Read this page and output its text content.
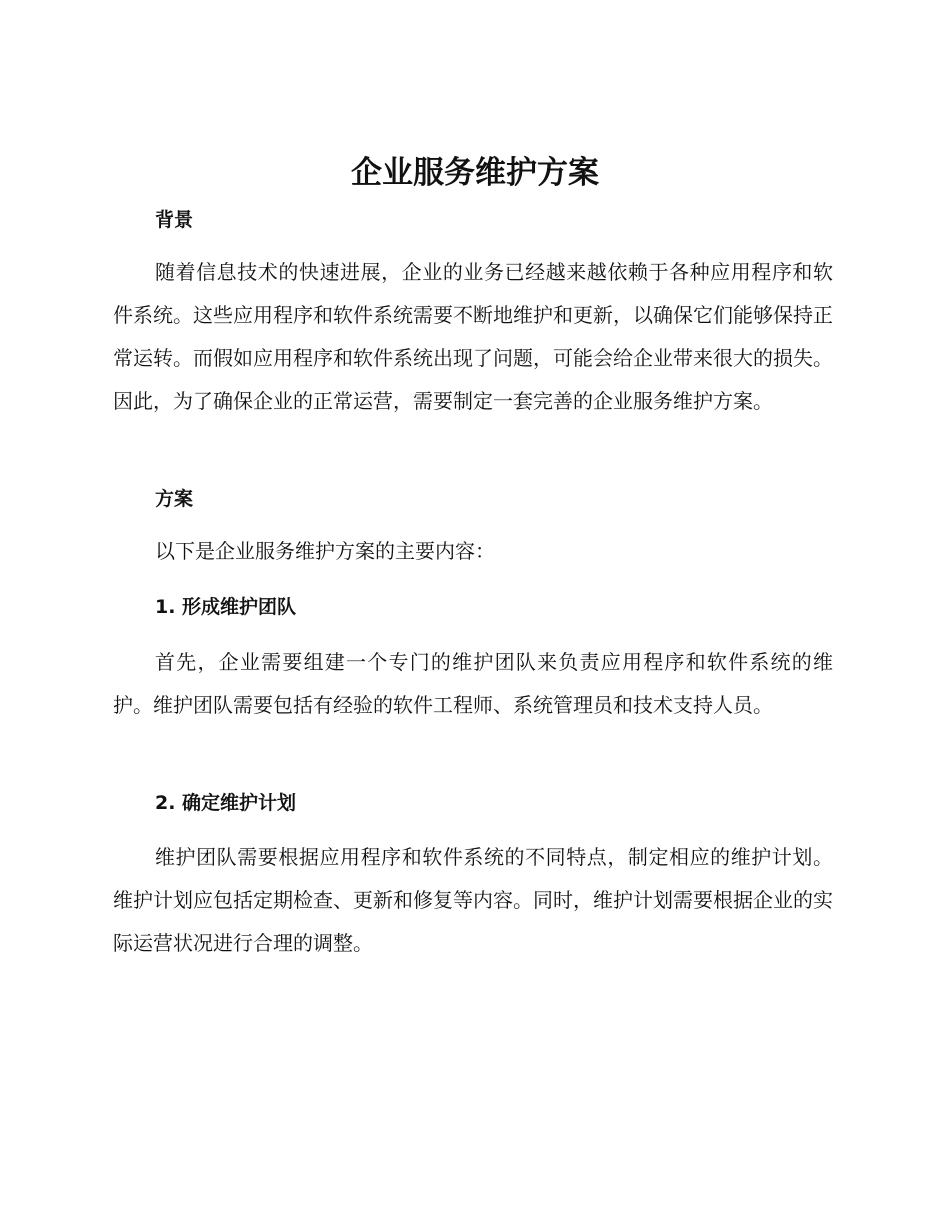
企业服务维护方案
背景

随着信息技术的快速进展，企业的业务已经越来越依赖于各种应用程序和软件系统。这些应用程序和软件系统需要不断地维护和更新，以确保它们能够保持正常运转。而假如应用程序和软件系统出现了问题，可能会给企业带来很大的损失。因此，为了确保企业的正常运营，需要制定一套完善的企业服务维护方案。

方案

以下是企业服务维护方案的主要内容：

1. 形成维护团队

首先，企业需要组建一个专门的维护团队来负责应用程序和软件系统的维护。维护团队需要包括有经验的软件工程师、系统管理员和技术支持人员。

2. 确定维护计划

维护团队需要根据应用程序和软件系统的不同特点，制定相应的维护计划。维护计划应包括定期检查、更新和修复等内容。同时，维护计划需要根据企业的实际运营状况进行合理的调整。
